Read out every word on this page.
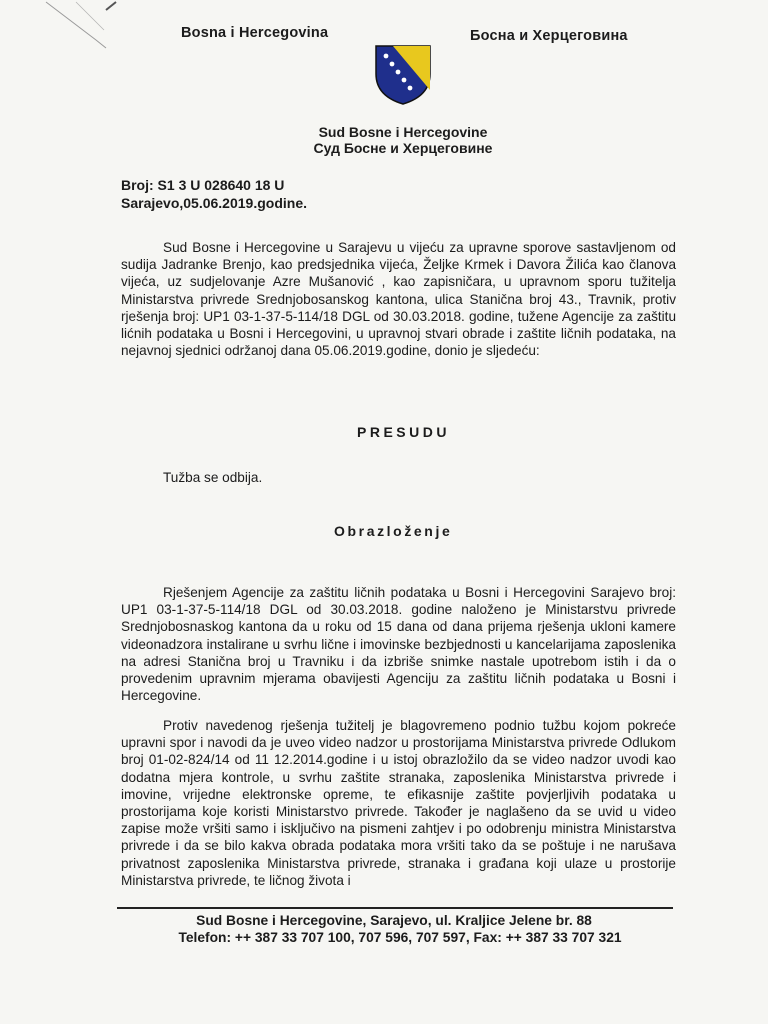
Bosna i Hercegovina	Босна и Херцеговина
Sud Bosne i Hercegovine
Суд Босне и Херцеговине
Broj: S1 3 U 028640 18 U
Sarajevo,05.06.2019.godine.

Sud Bosne i Hercegovine u Sarajevu u vijeću za upravne sporove sastavljenom od sudija Jadranke Brenjo, kao predsjednika vijeća, Željke Krmek i Davora Žilića kao članova vijeća, uz sudjelovanje Azre Mušanović , kao zapisničara, u upravnom sporu tužitelja Ministarstva privrede Srednjobosanskog kantona, ulica Stanična broj 43., Travnik, protiv rješenja broj: UP1 03-1-37-5-114/18 DGL od 30.03.2018. godine, tužene Agencije za zaštitu lićnih podataka u Bosni i Hercegovini, u upravnoj stvari obrade i zaštite ličnih podataka, na nejavnoj sjednici održanoj dana 05.06.2019.godine, donio je sljedeću:

PRESUDU
Tužba se odbija.
Obrazloženje

Rješenjem Agencije za zaštitu ličnih podataka u Bosni i Hercegovini Sarajevo broj: UP1 03-1-37-5-114/18 DGL od 30.03.2018. godine naloženo je Ministarstvu privrede Srednjobosnaskog kantona da u roku od 15 dana od dana prijema rješenja ukloni kamere videonadzora instalirane u svrhu lične i imovinske bezbjednosti u kancelarijama zaposlenika na adresi Stanična broj u Travniku i da izbriše snimke nastale upotrebom istih i da o provedenim upravnim mjerama obavijesti Agenciju za zaštitu ličnih podataka u Bosni i Hercegovine.

Protiv navedenog rješenja tužitelj je blagovremeno podnio tužbu kojom pokreće upravni spor i navodi da je uveo video nadzor u prostorijama Ministarstva privrede Odlukom broj 01-02-824/14 od 11 12.2014.godine i u istoj obrazložilo da se video nadzor uvodi kao dodatna mjera kontrole, u svrhu zaštite stranaka, zaposlenika Ministarstva privrede i imovine, vrijedne elektronske opreme, te efikasnije zaštite povjerljivih podataka u prostorijama koje koristi Ministarstvo privrede. Također je naglašeno da se uvid u video zapise može vršiti samo i isključivo na pismeni zahtjev i po odobrenju ministra Ministarstva privrede i da se bilo kakva obrada podataka mora vršiti tako da se poštuje i ne narušava privatnost zaposlenika Ministarstva privrede, stranaka i građana koji ulaze u prostorije Ministarstva privrede, te ličnog života i

Sud Bosne i Hercegovine, Sarajevo, ul. Kraljice Jelene br. 88
Telefon: ++ 387 33 707 100, 707 596, 707 597, Fax: ++ 387 33 707 321
